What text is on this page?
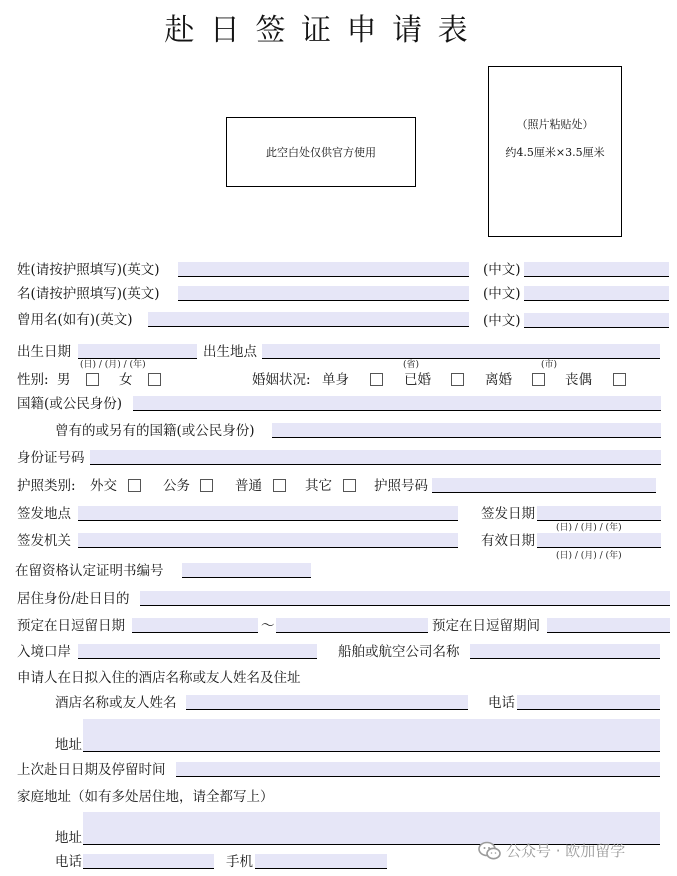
赴 日 签 证 申 请 表
此空白处仅供官方使用
（照片粘贴处）
约4.5厘米×3.5厘米
姓(请按护照填写)(英文)	(中文)
名(请按护照填写)(英文)	(中文)
曾用名(如有)(英文)	(中文)
出生日期	出生地点
(日) / (月) / (年)	(省)	(市)
性别: 男	女	婚姻状况: 单身	已婚	离婚	丧偶
国籍(或公民身份)
曾有的或另有的国籍(或公民身份)
身份证号码
护照类别: 外交	公务	普通	其它	护照号码
签发地点	签发日期
(日) / (月) / (年)
签发机关	有效日期
(日) / (月) / (年)
在留资格认定证明书编号
居住身份/赴日目的
预定在日逗留日期	～	预定在日逗留期间
入境口岸	船舶或航空公司名称
申请人在日拟入住的酒店名称或友人姓名及住址
酒店名称或友人姓名	电话
地址
上次赴日日期及停留时间
家庭地址（如有多处居住地，请全都写上）
地址
电话	手机
公众号 · 欧加留学
